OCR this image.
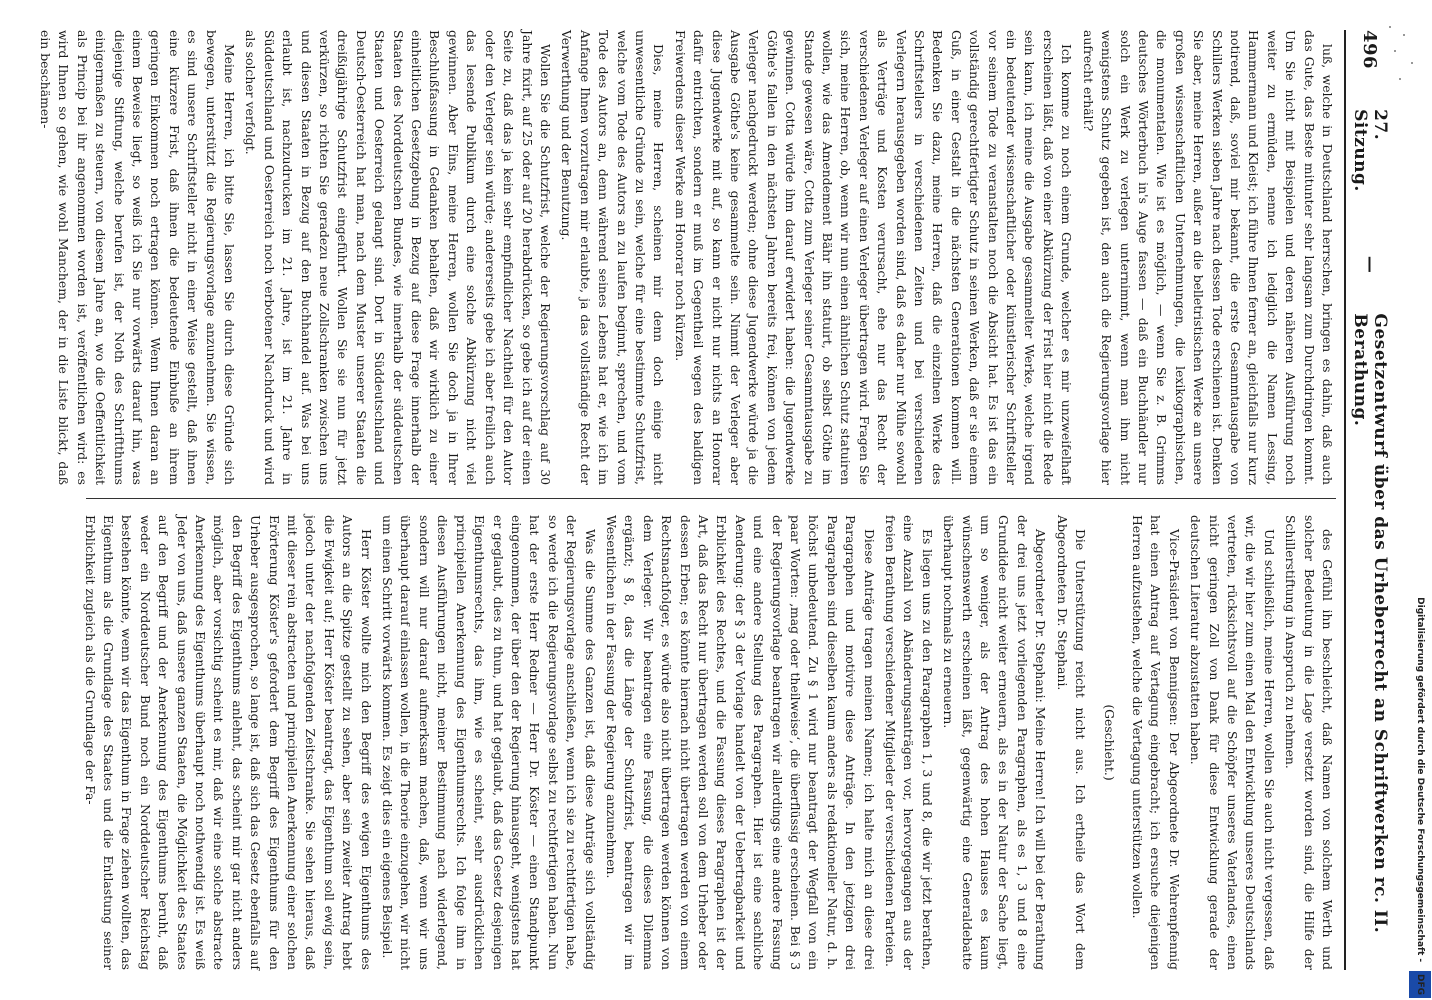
496
27. Sitzung.
—
Gesetzentwurf über das Urheberrecht an Schriftwerken rc. II. Berathung.

luß, welche in Deutschland herrschen, bringen es dahin, daß auch das Gute, das Beste mitunter sehr langsam zum Durchdringen kommt. Um Sie nicht mit Beispielen und deren näheren Ausführung noch weiter zu ermüden, nenne ich lediglich die Namen Lessing, Hammermann und Kleist; ich führe Ihnen ferner an, gleichfalls nur kurz notirend, daß, soviel mir bekannt, die erste Gesammtausgabe von Schillers Werken sieben Jahre nach dessen Tode erschienen ist. Denken Sie aber, meine Herren, außer an die belletristischen Werke an unsere großen wissenschaftlichen Unternehmungen, die lexikographischen, die monumentalen. Wie ist es möglich, — wenn Sie z. B. Grimms deutsches Wörterbuch in's Auge fassen — daß ein Buchhändler nur solch ein Werk zu verlegen unternimmt, wenn man ihm nicht wenigstens Schutz gegeben ist, den auch die Regierungsvorlage hier aufrecht erhält?

Ich komme zu noch einem Grunde, welcher es mir unzweifelhaft erscheinen läßt, daß von einer Abkürzung der Frist hier nicht die Rede sein kann, ich meine die Ausgabe gesammelter Werke, welche irgend ein bedeutender wissenschaftlicher oder künstlerischer Schriftsteller vor seinem Tode zu veranstalten noch die Absicht hat. Es ist das ein vollständig gerechtfertigter Schutz in seinen Werken, daß er sie einem Guß, in einer Gestalt in die nächsten Generationen kommen will. Bedenken Sie dazu, meine Herren, daß die einzelnen Werke des Schriftstellers in verschiedenen Zeiten und bei verschiedenen Verlegern herausgegeben worden sind, daß es daher nur Mühe sowohl als Verträge und Kosten verursacht, ehe nur das Recht der verschiedenen Verleger auf einen Verleger übertragen wird. Fragen Sie sich, meine Herren, ob, wenn wir nun einen ähnlichen Schutz statuiren wollen, wie das Amendement Bähr ihn statuirt, ob selbst Göthe im Stande gewesen wäre, Cotta zum Verleger seiner Gesammtausgabe zu gewinnen. Cotta würde ihm darauf erwidert haben: die Jugendwerke Göthe's fallen in den nächsten Jahren bereits frei, können von jedem Verleger nachgedruckt werden; ohne diese Jugendwerke würde ja die Ausgabe Göthe's keine gesammelte sein. Nimmt der Verleger aber diese Jugendwerke mit auf, so kann er nicht nur nichts an Honorar dafür entrichten, sondern er muß im Gegentheil wegen des baldigen Freiwerdens dieser Werke am Honorar noch kürzen.

Dies, meine Herren, scheinen mir denn doch einige nicht unwesentliche Gründe zu sein, welche für eine bestimmte Schutzfrist, welche vom Tode des Autors an zu laufen beginnt, sprechen, und vom Tode des Autors an, denn während seines Lebens hat er, wie ich im Anfange Ihnen vorzutragen mir erlaubte, ja das vollständige Recht der Verwerthung und der Benutzung.

Wollen Sie die Schutzfrist, welche der Regierungsvorschlag auf 30 Jahre fixirt, auf 25 oder auf 20 herabdrücken, so gebe ich auf der einen Seite zu, daß das ja kein sehr empfindlicher Nachtheil für den Autor oder den Verleger sein würde; andererseits gebe ich aber freilich auch das lesende Publikum durch eine solche Abkürzung nicht viel gewinnen. Aber Eins, meine Herren, wollen Sie doch ja in Ihrer Beschlußfassung in Gedanken behalten, daß wir wirklich zu einer einheitlichen Gesetzgebung in Bezug auf diese Frage innerhalb der Staaten des Norddeutschen Bundes, wie innerhalb der süddeutschen Staaten und Oesterreich gelangt sind. Dort in Süddeutschland und Deutsch-Oesterreich hat man, nach dem Muster unserer Staaten die dreißigjährige Schutzfrist eingeführt. Wollen Sie sie nun für jetzt verkürzen, so richten Sie geradezu neue Zollschranken zwischen uns und diesen Staaten in Bezug auf den Buchhandel auf. Was bei uns erlaubt ist, nachzudrucken im 21. Jahre, ist im 21. Jahre in Süddeutschland und Oesterreich noch verbotener Nachdruck und wird als solcher verfolgt.

Meine Herren, ich bitte Sie, lassen Sie durch diese Gründe sich bewegen, unterstützt die Regierungsvorlage anzunehmen. Sie wissen, es sind unsere Schriftsteller nicht in einer Weise gestellt, daß ihnen eine kürzere Frist, daß ihnen die bedeutende Einbuße an ihrem geringen Einkommen noch ertragen können. Wenn Ihnen daran an einem Beweise liegt, so weiß ich Sie nur vorwärts darauf hin, was diejenige Stiftung, welche berufen ist, der Noth des Schriftthums einigermaßen zu steuern, von diesem Jahre an, wo die Oeffentlichkeit als Princip bei ihr angenommen worden ist, veröffentlichen wird: es wird Ihnen so gehen, wie wohl Manchem, der in die Liste blickt, daß ein beschämen-

des Gefühl ihn beschleicht, daß Namen von solchem Werth und solcher Bedeutung in die Lage versetzt worden sind, die Hilfe der Schillerstiftung in Anspruch zu nehmen.

Und schließlich, meine Herren, wollen Sie auch nicht vergessen, daß wir, die wir hier zum einen Mal den Entwicklung unseres Deutschlands vertreten, rücksichtsvoll auf die Schöpfer unseres Vaterlandes, einen nicht geringen Zoll von Dank für diese Entwicklung gerade der deutschen Literatur abzustatten haben.

Vice-Präsident von Bennigsen: Der Abgeordnete Dr. Wehrenpfennig hat einen Antrag auf Vertagung eingebracht; ich ersuche diejenigen Herren aufzustehen, welche die Vertagung unterstützen wollen.

(Geschieht.)

Die Unterstützung reicht nicht aus. Ich ertheile das Wort dem Abgeordneten Dr. Stephani.

Abgeordneter Dr. Stephani: Meine Herren! Ich will bei der Berathung der drei uns jetzt vorliegenden Paragraphen, als es 1, 3 und 8 eine Grundidee nicht weiter erneuern, als es in der Natur der Sache liegt, um so weniger, als der Antrag des hohen Hauses es kaum wünschenswerth erscheinen läßt, gegenwärtig eine Generaldebatte überhaupt nochmals zu erneuern.

Es liegen uns zu den Paragraphen 1, 3 und 8, die wir jetzt berathen, eine Anzahl von Abänderungsanträgen vor, hervorgegangen aus der freien Berathung verschiedener Mitglieder der verschiedenen Parteien.

Diese Anträge tragen meinen Namen; ich halte mich an diese drei Paragraphen und motivire diese Anträge. In den jetzigen drei Paragraphen sind dieselben kaum anders als redaktioneller Natur, d. h. höchst unbedeutend. Zu § 1 wird nur beantragt der Wegfall von ein paar Worten: ‚mag oder theilweise‘, die überflüssig erscheinen. Bei § 3 der Regierungsvorlage beantragen wir allerdings eine andere Fassung und eine andere Stellung des Paragraphen. Hier ist eine sachliche Aenderung: der § 3 der Vorlage handelt von der Uebertragbarkeit und Erblichkeit des Rechtes, und die Fassung dieses Paragraphen ist der Art, daß das Recht nur übertragen werden soll von dem Urheber oder dessen Erben; es könnte hiernach nicht übertragen werden von einem Rechtsnachfolger, es würde also nicht übertragen werden können von dem Verleger. Wir beantragen eine Fassung, die dieses Dilemma ergänzt; § 8, das die Länge der Schutzfrist, beantragen wir im Wesentlichen in der Fassung der Regierung anzunehmen.

Was die Summe des Ganzen ist, daß diese Anträge sich vollständig der Regierungsvorlage anschließen, wenn ich sie zu rechtfertigen habe, so werde ich die Regierungsvorlage selbst zu rechtfertigen haben. Nun hat der erste Herr Redner — Herr Dr. Köster — einen Standpunkt eingenommen, der über den der Regierung hinausgeht, wenigstens hat er geglaubt, dies zu thun, und hat geglaubt, daß das Gesetz desjenigen Eigenthumsrechts, das ihm, wie es scheint, sehr ausdrücklichen principiellen Anerkennung des Eigenthumsrechts. Ich folge ihm in diesen Ausführungen nicht, meiner Bestimmung nach widerlegend, sondern will nur darauf aufmerksam machen, daß, wenn wir uns überhaupt darauf einlassen wollen, in die Theorie einzugehen, wir nicht um einen Schritt vorwärts kommen. Es zeigt dies ein eigenes Beispiel.

Herr Köster wollte mich den Begriff des ewigen Eigenthums des Autors an die Spitze gestellt zu sehen, aber sein zweiter Antrag hebt die Ewigkeit auf; Herr Köster beantragt, das Eigenthum soll ewig sein, jedoch unter der nachfolgenden Zeitschranke. Sie sehen hieraus, daß mit dieser rein abstracten und principiellen Anerkennung einer solchen Erörterung Köster's gefordert dem Begriff des Eigenthums für den Urheber ausgesprochen, so lange ist, daß sich das Gesetz ebenfalls auf den Begriff des Eigenthums anlehnt, das scheint mir gar nicht anders möglich, aber vorsichtig scheint es mir, daß wir eine solche abstracte Anerkennung des Eigenthums überhaupt noch nothwendig ist. Es weiß Jeder von uns, daß unsere ganzen Staaten, die Möglichkeit des Staates auf den Begriff und der Anerkennung des Eigenthums beruht, daß weder ein Norddeutscher Bund noch ein Norddeutscher Reichstag bestehen könnte, wenn wir das Eigenthum in Frage ziehen wollten, das Eigenthum als die Grundlage des Staates und die Entlastung seiner Erblichkeit zugleich als die Grundlage der Fa-	Digitalisierung gefördert durch die Deutsche Forschungsgemeinschaft - DFG
